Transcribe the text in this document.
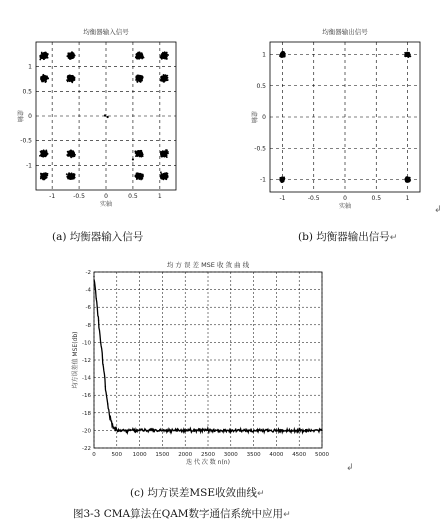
均衡器输入信号
-1	-0.5	0	0.5	1
1
0.5
0
-0.5
-1
实轴
虚轴
均衡器输出信号
-1	-0.5	0	0.5	1
1
0.5
0
-0.5
-1
实轴
虚轴
均 方 误 差 MSE 收 敛 曲 线
0	500 1000 1500 2000 2500 3000 3500 4000 4500 5000
-2
-4
-6
-8
-10
-12
-14
-16
-18
-20
-22
迭 代 次 数 n(n)
均方误差值 MSE(db)
(a) 均衡器输入信号	(b) 均衡器输出信号↵
↲
↲
(c) 均方误差MSE收敛曲线↵
图3-3 CMA算法在QAM数字通信系统中应用↵
